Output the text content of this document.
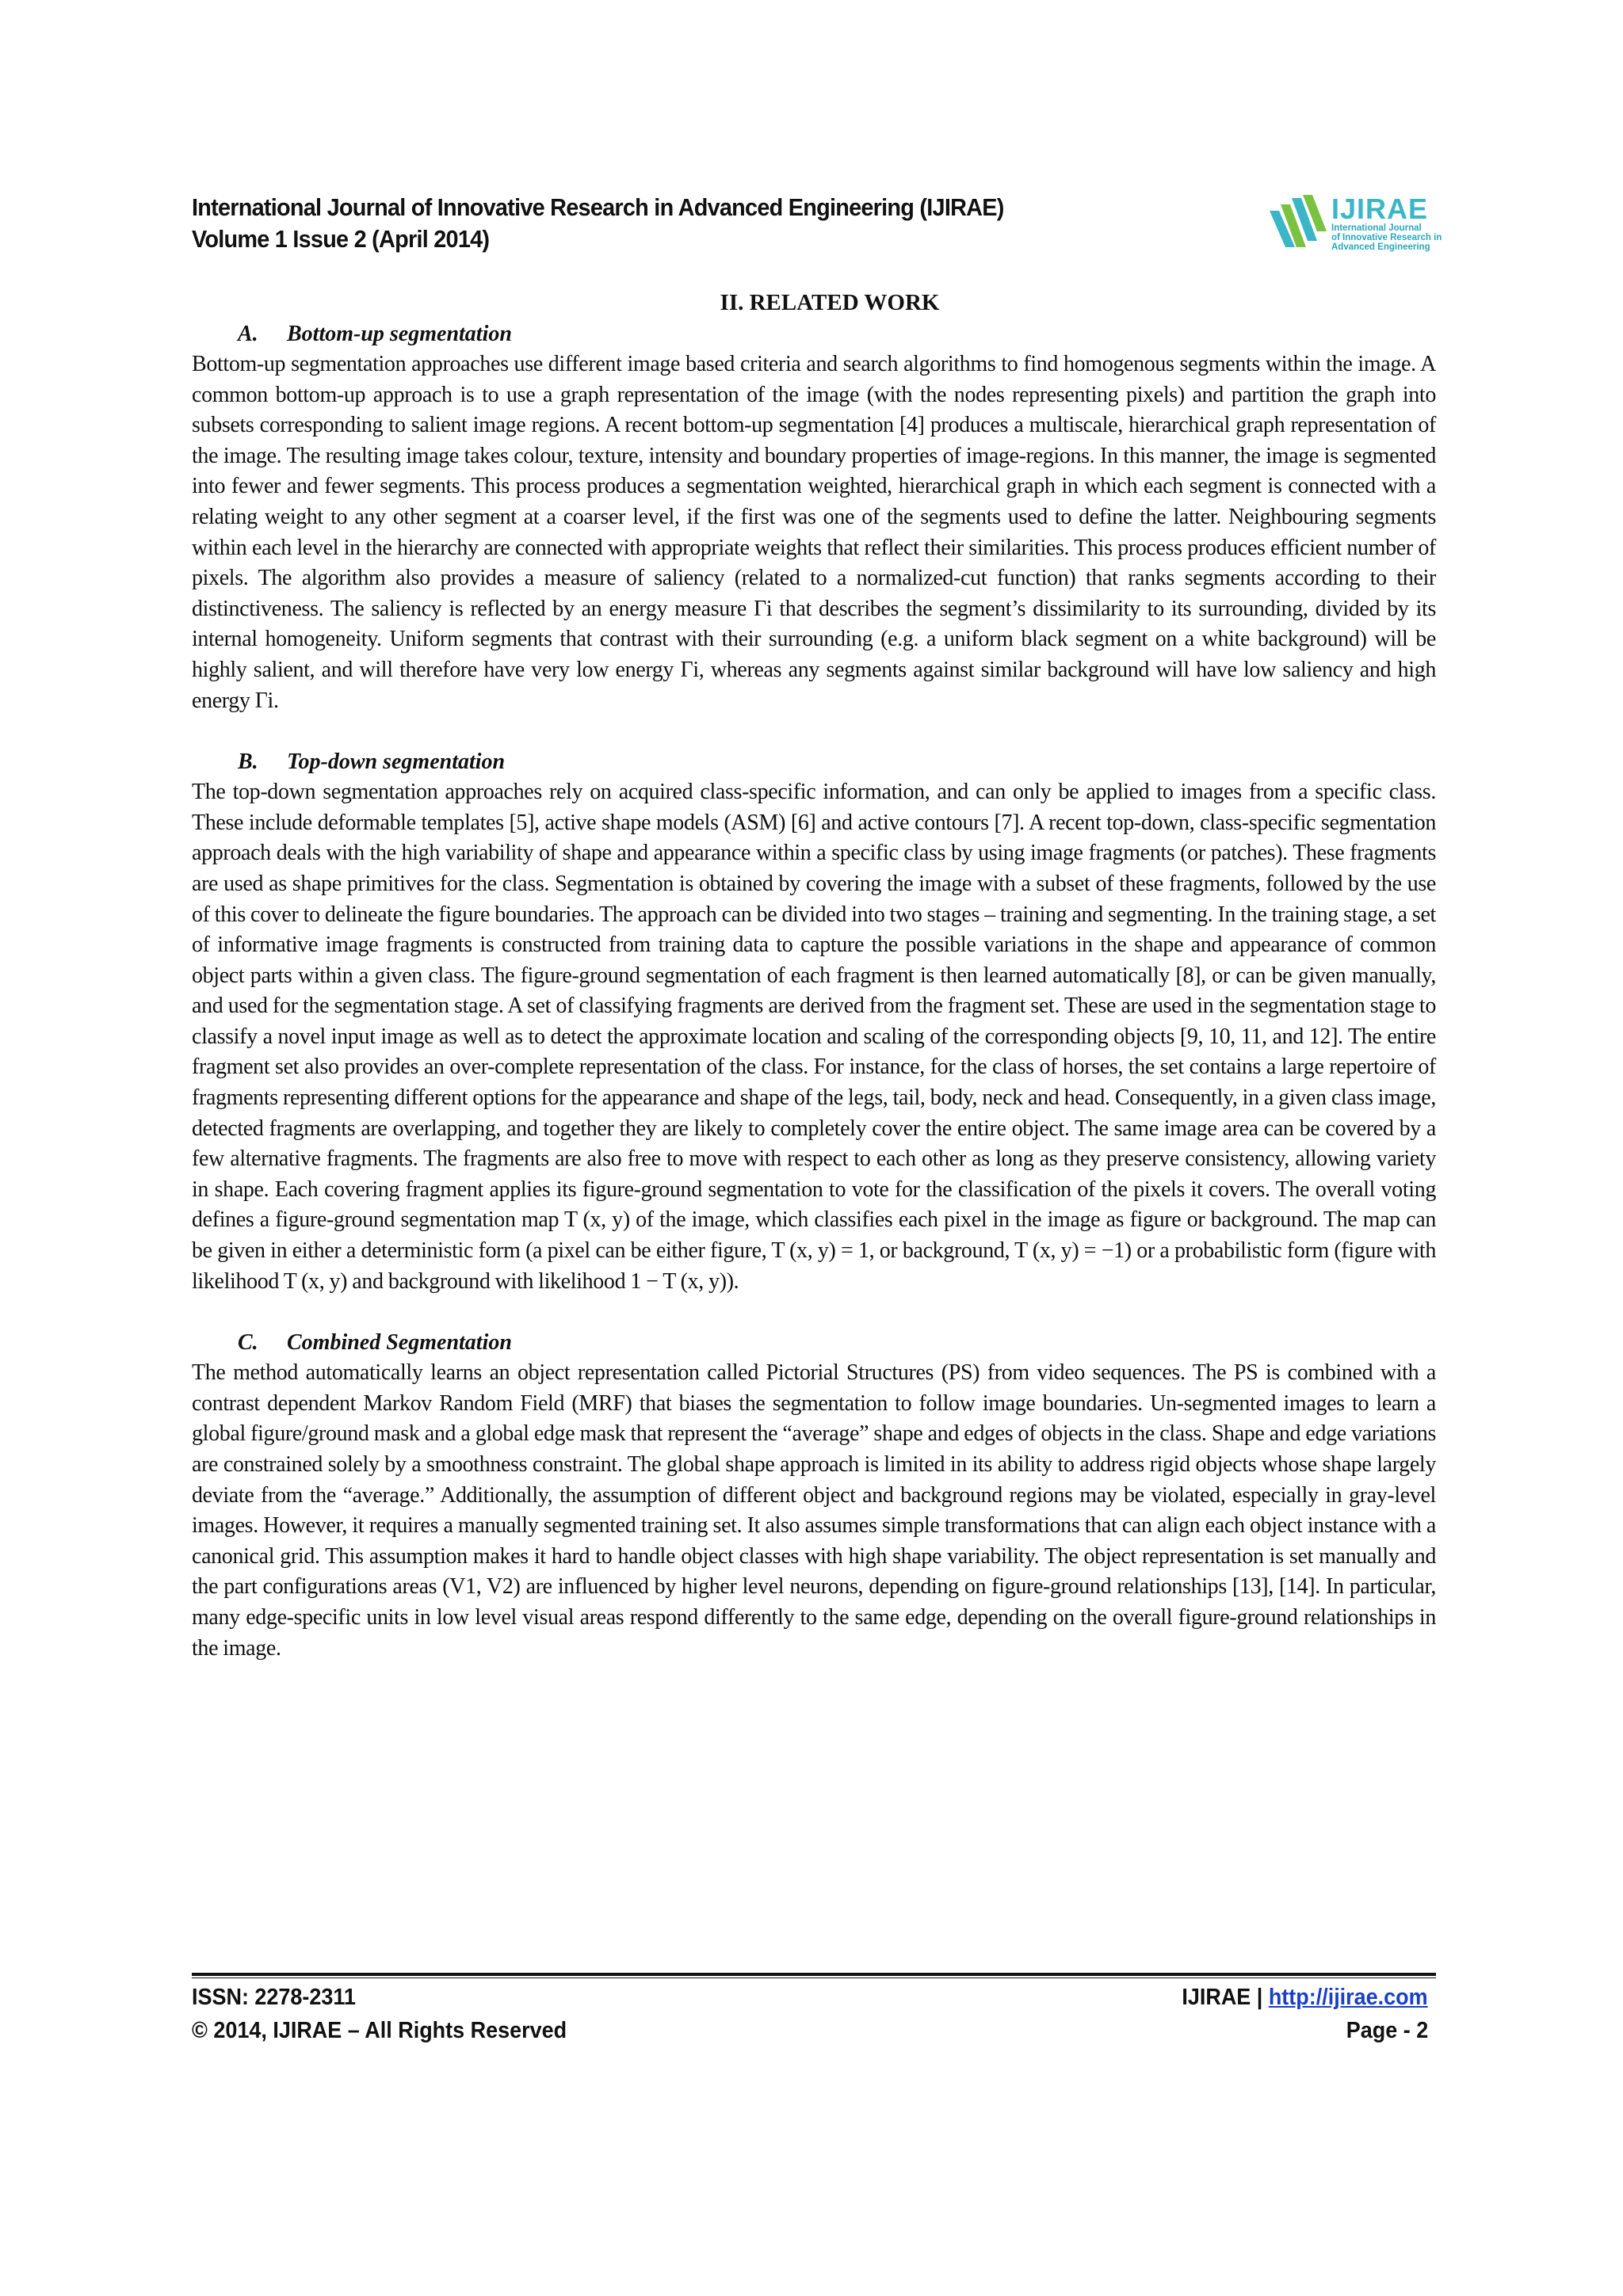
International Journal of Innovative Research in Advanced Engineering (IJIRAE)
Volume 1 Issue 2 (April 2014)
IJIRAE
International Journal
of Innovative Research in
Advanced Engineering
II. RELATED WORK
A. Bottom-up segmentation

Bottom-up segmentation approaches use different image based criteria and search algorithms to find homogenous segments within the image. A common bottom-up approach is to use a graph representation of the image (with the nodes representing pixels) and partition the graph into subsets corresponding to salient image regions. A recent bottom-up segmentation [4] produces a multiscale, hierarchical graph representation of the image. The resulting image takes colour, texture, intensity and boundary properties of image-regions. In this manner, the image is segmented into fewer and fewer segments. This process produces a segmentation weighted, hierarchical graph in which each segment is connected with a relating weight to any other segment at a coarser level, if the first was one of the segments used to define the latter. Neighbouring segments within each level in the hierarchy are connected with appropriate weights that reflect their similarities. This process produces efficient number of pixels. The algorithm also provides a measure of saliency (related to a normalized-cut function) that ranks segments according to their distinctiveness. The saliency is reflected by an energy measure Γi that describes the segment’s dissimilarity to its surrounding, divided by its internal homogeneity. Uniform segments that contrast with their surrounding (e.g. a uniform black segment on a white background) will be highly salient, and will therefore have very low energy Γi, whereas any segments against similar background will have low saliency and high energy Γi.

B. Top-down segmentation

The top-down segmentation approaches rely on acquired class-specific information, and can only be applied to images from a specific class. These include deformable templates [5], active shape models (ASM) [6] and active contours [7]. A recent top-down, class-specific segmentation approach deals with the high variability of shape and appearance within a specific class by using image fragments (or patches). These fragments are used as shape primitives for the class. Segmentation is obtained by covering the image with a subset of these fragments, followed by the use of this cover to delineate the figure boundaries. The approach can be divided into two stages – training and segmenting. In the training stage, a set of informative image fragments is constructed from training data to capture the possible variations in the shape and appearance of common object parts within a given class. The figure-ground segmentation of each fragment is then learned automatically [8], or can be given manually, and used for the segmentation stage. A set of classifying fragments are derived from the fragment set. These are used in the segmentation stage to classify a novel input image as well as to detect the approximate location and scaling of the corresponding objects [9, 10, 11, and 12]. The entire fragment set also provides an over-complete representation of the class. For instance, for the class of horses, the set contains a large repertoire of fragments representing different options for the appearance and shape of the legs, tail, body, neck and head. Consequently, in a given class image, detected fragments are overlapping, and together they are likely to completely cover the entire object. The same image area can be covered by a few alternative fragments. The fragments are also free to move with respect to each other as long as they preserve consistency, allowing variety in shape. Each covering fragment applies its figure-ground segmentation to vote for the classification of the pixels it covers. The overall voting defines a figure-ground segmentation map T (x, y) of the image, which classifies each pixel in the image as figure or background. The map can be given in either a deterministic form (a pixel can be either figure, T (x, y) = 1, or background, T (x, y) = −1) or a probabilistic form (figure with likelihood T (x, y) and background with likelihood 1 − T (x, y)).

C. Combined Segmentation

The method automatically learns an object representation called Pictorial Structures (PS) from video sequences. The PS is combined with a contrast dependent Markov Random Field (MRF) that biases the segmentation to follow image boundaries. Un-segmented images to learn a global figure/ground mask and a global edge mask that represent the “average” shape and edges of objects in the class. Shape and edge variations are constrained solely by a smoothness constraint. The global shape approach is limited in its ability to address rigid objects whose shape largely deviate from the “average.” Additionally, the assumption of different object and background regions may be violated, especially in gray-level images. However, it requires a manually segmented training set. It also assumes simple transformations that can align each object instance with a canonical grid. This assumption makes it hard to handle object classes with high shape variability. The object representation is set manually and the part configurations areas (V1, V2) are influenced by higher level neurons, depending on figure-ground relationships [13], [14]. In particular, many edge-specific units in low level visual areas respond differently to the same edge, depending on the overall figure-ground relationships in the image.

ISSN: 2278-2311	IJIRAE | http://ijirae.com
© 2014, IJIRAE – All Rights Reserved	Page - 2
